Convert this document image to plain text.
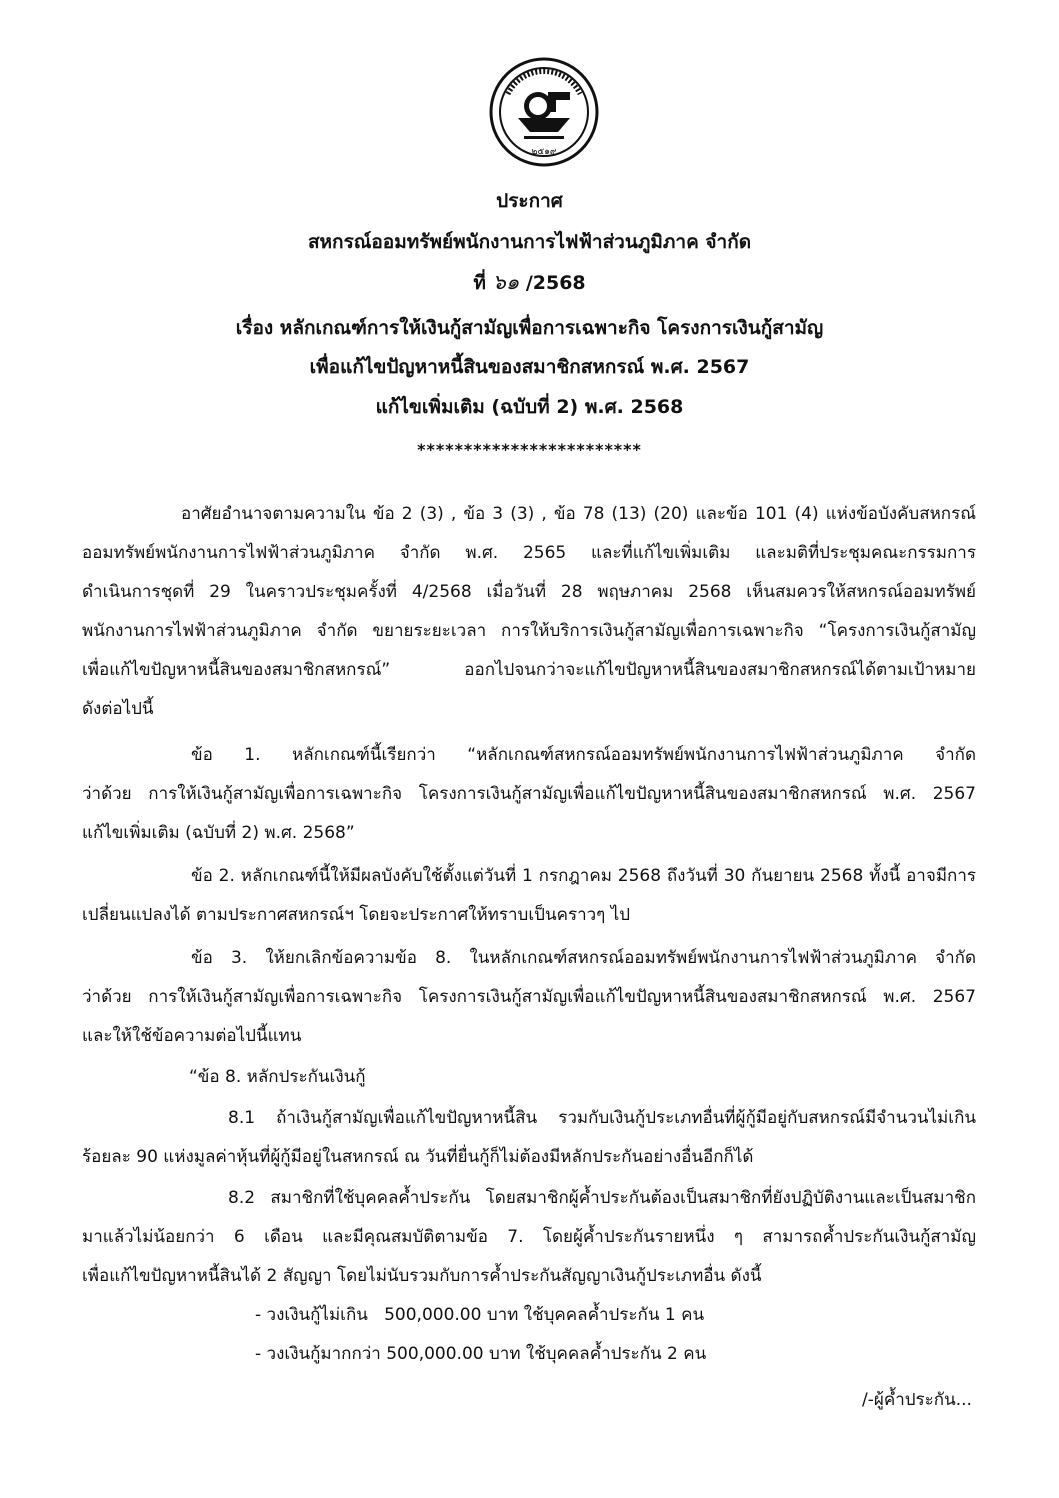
๒๕๑๙
ประกาศ
สหกรณ์ออมทรัพย์พนักงานการไฟฟ้าส่วนภูมิภาค จำกัด
ที่ ๖๑ /2568
เรื่อง หลักเกณฑ์การให้เงินกู้สามัญเพื่อการเฉพาะกิจ โครงการเงินกู้สามัญ
เพื่อแก้ไขปัญหาหนี้สินของสมาชิกสหกรณ์ พ.ศ. 2567
แก้ไขเพิ่มเติม (ฉบับที่ 2) พ.ศ. 2568
************************
อาศัยอำนาจตามความใน ข้อ 2 (3) , ข้อ 3 (3) , ข้อ 78 (13) (20) และข้อ 101 (4) แห่งข้อบังคับสหกรณ์
ออมทรัพย์พนักงานการไฟฟ้าส่วนภูมิภาค จำกัด พ.ศ. 2565 และที่แก้ไขเพิ่มเติม และมติที่ประชุมคณะกรรมการ
ดำเนินการชุดที่ 29 ในคราวประชุมครั้งที่ 4/2568 เมื่อวันที่ 28 พฤษภาคม 2568 เห็นสมควรให้สหกรณ์ออมทรัพย์
พนักงานการไฟฟ้าส่วนภูมิภาค จำกัด ขยายระยะเวลา การให้บริการเงินกู้สามัญเพื่อการเฉพาะกิจ “โครงการเงินกู้สามัญ
เพื่อแก้ไขปัญหาหนี้สินของสมาชิกสหกรณ์” ออกไปจนกว่าจะแก้ไขปัญหาหนี้สินของสมาชิกสหกรณ์ได้ตามเป้าหมาย
ดังต่อไปนี้
ข้อ 1. หลักเกณฑ์นี้เรียกว่า “หลักเกณฑ์สหกรณ์ออมทรัพย์พนักงานการไฟฟ้าส่วนภูมิภาค จำกัด
ว่าด้วย การให้เงินกู้สามัญเพื่อการเฉพาะกิจ โครงการเงินกู้สามัญเพื่อแก้ไขปัญหาหนี้สินของสมาชิกสหกรณ์ พ.ศ. 2567
แก้ไขเพิ่มเติม (ฉบับที่ 2) พ.ศ. 2568”
ข้อ 2. หลักเกณฑ์นี้ให้มีผลบังคับใช้ตั้งแต่วันที่ 1 กรกฎาคม 2568 ถึงวันที่ 30 กันยายน 2568 ทั้งนี้ อาจมีการ
เปลี่ยนแปลงได้ ตามประกาศสหกรณ์ฯ โดยจะประกาศให้ทราบเป็นคราวๆ ไป
ข้อ 3. ให้ยกเลิกข้อความข้อ 8. ในหลักเกณฑ์สหกรณ์ออมทรัพย์พนักงานการไฟฟ้าส่วนภูมิภาค จำกัด
ว่าด้วย การให้เงินกู้สามัญเพื่อการเฉพาะกิจ โครงการเงินกู้สามัญเพื่อแก้ไขปัญหาหนี้สินของสมาชิกสหกรณ์ พ.ศ. 2567
และให้ใช้ข้อความต่อไปนี้แทน
“ข้อ 8. หลักประกันเงินกู้
8.1 ถ้าเงินกู้สามัญเพื่อแก้ไขปัญหาหนี้สิน รวมกับเงินกู้ประเภทอื่นที่ผู้กู้มีอยู่กับสหกรณ์มีจำนวนไม่เกิน
ร้อยละ 90 แห่งมูลค่าหุ้นที่ผู้กู้มีอยู่ในสหกรณ์ ณ วันที่ยื่นกู้ก็ไม่ต้องมีหลักประกันอย่างอื่นอีกก็ได้
8.2 สมาชิกที่ใช้บุคคลค้ำประกัน โดยสมาชิกผู้ค้ำประกันต้องเป็นสมาชิกที่ยังปฏิบัติงานและเป็นสมาชิก
มาแล้วไม่น้อยกว่า 6 เดือน และมีคุณสมบัติตามข้อ 7. โดยผู้ค้ำประกันรายหนึ่ง ๆ สามารถค้ำประกันเงินกู้สามัญ
เพื่อแก้ไขปัญหาหนี้สินได้ 2 สัญญา โดยไม่นับรวมกับการค้ำประกันสัญญาเงินกู้ประเภทอื่น ดังนี้
- วงเงินกู้ไม่เกิน   500,000.00 บาท ใช้บุคคลค้ำประกัน 1 คน
- วงเงินกู้มากกว่า 500,000.00 บาท ใช้บุคคลค้ำประกัน 2 คน
/-ผู้ค้ำประกัน...
